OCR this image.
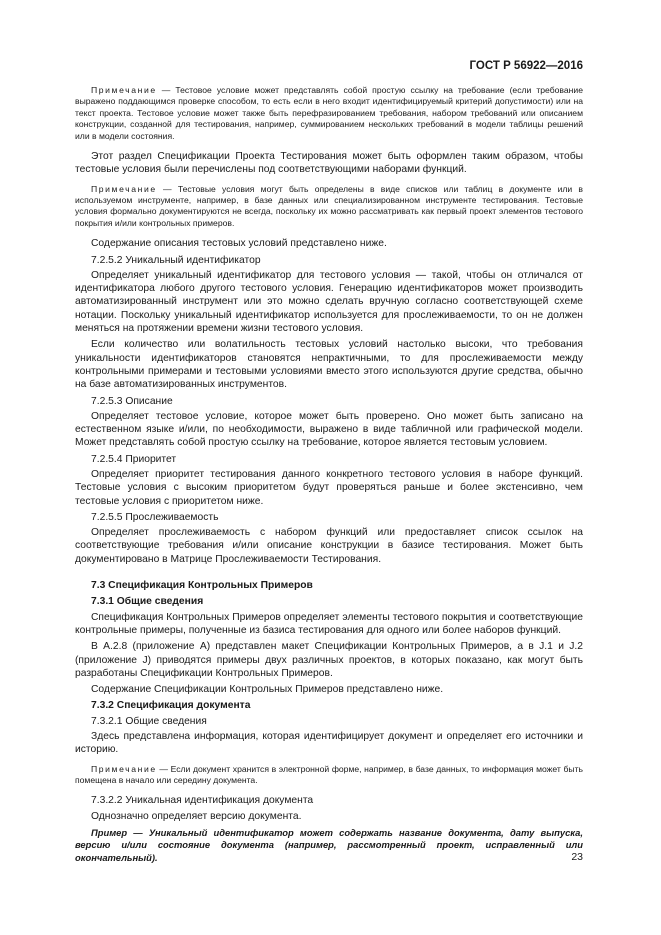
ГОСТ Р 56922—2016

Примечание — Тестовое условие может представлять собой простую ссылку на требование (если требование выражено поддающимся проверке способом, то есть если в него входит идентифицируемый критерий допустимости) или на текст проекта. Тестовое условие может также быть перефразированием требования, набором требований или описанием конструкции, созданной для тестирования, например, суммированием нескольких требований в модели таблицы решений или в модели состояния.

Этот раздел Спецификации Проекта Тестирования может быть оформлен таким образом, чтобы тестовые условия были перечислены под соответствующими наборами функций.

Примечание — Тестовые условия могут быть определены в виде списков или таблиц в документе или в используемом инструменте, например, в базе данных или специализированном инструменте тестирования. Тестовые условия формально документируются не всегда, поскольку их можно рассматривать как первый проект элементов тестового покрытия и/или контрольных примеров.

Содержание описания тестовых условий представлено ниже.

7.2.5.2 Уникальный идентификатор

Определяет уникальный идентификатор для тестового условия — такой, чтобы он отличался от идентификатора любого другого тестового условия. Генерацию идентификаторов может производить автоматизированный инструмент или это можно сделать вручную согласно соответствующей схеме нотации. Поскольку уникальный идентификатор используется для прослеживаемости, то он не должен меняться на протяжении времени жизни тестового условия.

Если количество или волатильность тестовых условий настолько высоки, что требования уникальности идентификаторов становятся непрактичными, то для прослеживаемости между контрольными примерами и тестовыми условиями вместо этого используются другие средства, обычно на базе автоматизированных инструментов.

7.2.5.3 Описание

Определяет тестовое условие, которое может быть проверено. Оно может быть записано на естественном языке и/или, по необходимости, выражено в виде табличной или графической модели. Может представлять собой простую ссылку на требование, которое является тестовым условием.

7.2.5.4 Приоритет

Определяет приоритет тестирования данного конкретного тестового условия в наборе функций. Тестовые условия с высоким приоритетом будут проверяться раньше и более экстенсивно, чем тестовые условия с приоритетом ниже.

7.2.5.5 Прослеживаемость

Определяет прослеживаемость с набором функций или предоставляет список ссылок на соответствующие требования и/или описание конструкции в базисе тестирования. Может быть документировано в Матрице Прослеживаемости Тестирования.

7.3 Спецификация Контрольных Примеров

7.3.1 Общие сведения

Спецификация Контрольных Примеров определяет элементы тестового покрытия и соответствующие контрольные примеры, полученные из базиса тестирования для одного или более наборов функций.

В А.2.8 (приложение А) представлен макет Спецификации Контрольных Примеров, а в J.1 и J.2 (приложение J) приводятся примеры двух различных проектов, в которых показано, как могут быть разработаны Спецификации Контрольных Примеров.

Содержание Спецификации Контрольных Примеров представлено ниже.

7.3.2 Спецификация документа

7.3.2.1 Общие сведения

Здесь представлена информация, которая идентифицирует документ и определяет его источники и историю.

Примечание — Если документ хранится в электронной форме, например, в базе данных, то информация может быть помещена в начало или середину документа.

7.3.2.2 Уникальная идентификация документа

Однозначно определяет версию документа.

Пример — Уникальный идентификатор может содержать название документа, дату выпуска, версию и/или состояние документа (например, рассмотренный проект, исправленный или окончательный).	23
